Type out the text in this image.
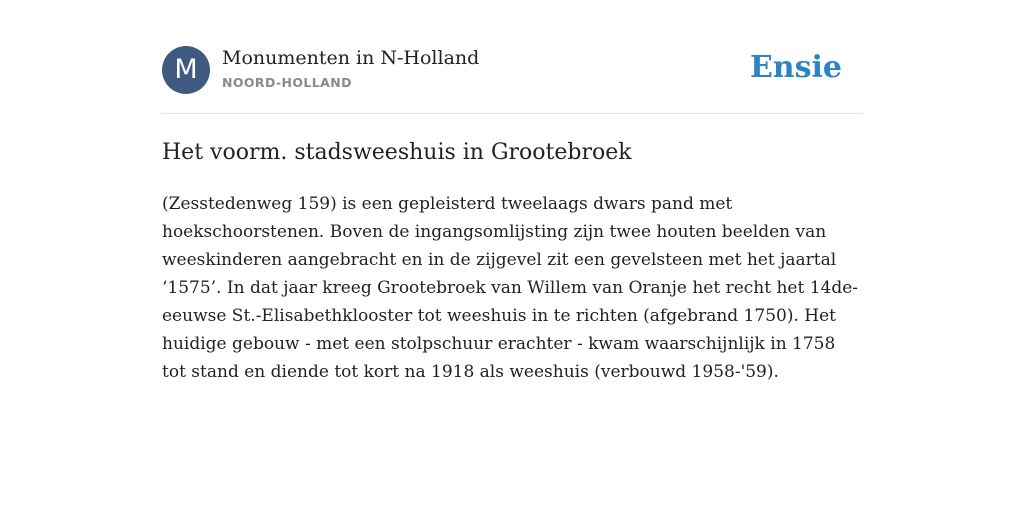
M	Monumenten in N-Holland
NOORD-HOLLAND	Ensie
Het voorm. stadsweeshuis in Grootebroek

(Zesstedenweg 159) is een gepleisterd tweelaags dwars pand met hoekschoorstenen. Boven de ingangsomlijsting zijn twee houten beelden van weeskinderen aangebracht en in de zijgevel zit een gevelsteen met het jaartal ‘1575’. In dat jaar kreeg Grootebroek van Willem van Oranje het recht het 14de-eeuwse St.-Elisabethklooster tot weeshuis in te richten (afgebrand 1750). Het huidige gebouw - met een stolpschuur erachter - kwam waarschijnlijk in 1758 tot stand en diende tot kort na 1918 als weeshuis (verbouwd 1958-'59).
